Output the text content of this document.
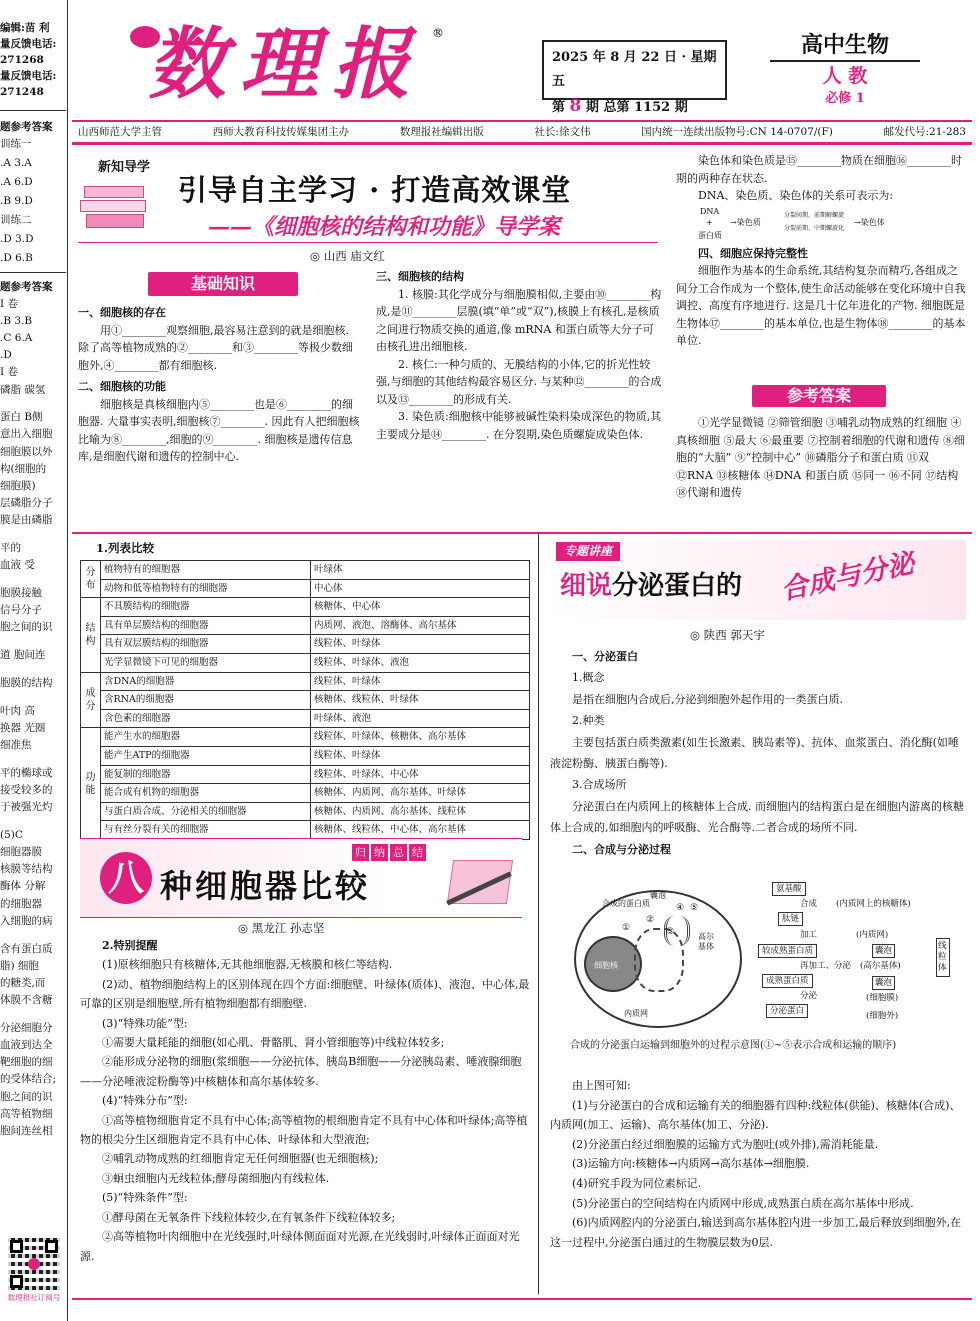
编辑:苗 利
量反馈电话:
271268
量反馈电话:
271248
题参考答案
训练一
.A 3.A
.A 6.D
.B 9.D
训练二
.D 3.D
.D 6.B
题参考答案
I 卷
.B 3.B
.C 6.A
.D
I 卷
磷脂 碳氢
蛋白 B侧
意出入细胞
细胞膜以外
构(细胞的
细胞膜)
层磷脂分子
膜是由磷脂
平的
血液 受
胞膜接触
信号分子
胞之间的识
道 胞间连
胞膜的结构
叶肉 高
换器 光圈
细准焦
平的椭球或
接受较多的
于被强光灼
(5)C
细胞器膜
核膜等结构
酶体 分解
的细胞器
入细胞的病
含有蛋白质
脂) 细胞
的糖类,而
体膜不含糖
分泌细胞分
血液到达全
靶细胞的细
的受体结合;
胞之间的识
高等植物细
胞间连丝相
数理报社订阅号
数理报 ®
2025 年 8 月 22 日 · 星期五
第 8 期 总第 1152 期
高中生物
人 教
必修 1
山西师范大学主管	西师大教育科技传媒集团主办	数理报社编辑出版	社长:徐文伟	国内统一连续出版物号:CN 14-0707/(F)	邮发代号:21-283
新知导学
引导自主学习 · 打造高效课堂
——《细胞核的结构和功能》导学案
◎ 山西 庙文红
基础知识
一、细胞核的存在

用①________观察细胞,最容易注意到的就是细胞核. 除了高等植物成熟的②________和③________等极少数细胞外,④________都有细胞核.

二、细胞核的功能

细胞核是真核细胞内⑤________也是⑥________的细胞器. 大量事实表明,细胞核⑦________. 因此有人把细胞核比喻为⑧________,细胞的⑨________. 细胞核是遗传信息库,是细胞代谢和遗传的控制中心.

三、细胞核的结构

1. 核膜:其化学成分与细胞膜相似,主要由⑩________构成,是⑪________层膜(填“单”或“双”),核膜上有核孔,是核质之间进行物质交换的通道,像 mRNA 和蛋白质等大分子可由核孔进出细胞核.

2. 核仁:一种匀质的、无膜结构的小体,它的折光性较强,与细胞的其他结构最容易区分. 与某种⑫________的合成以及⑬________的形成有关.

3. 染色质:细胞核中能够被碱性染料染成深色的物质,其主要成分是⑭________. 在分裂期,染色质螺旋成染色体.

染色体和染色质是⑮________物质在细胞⑯________时期的两种存在状态.

DNA、染色质、染色体的关系可表示为:

DNA
+
蛋白质
→染色质
分裂间期、前期解螺旋
分裂前期、中期螺旋化
→染色体
四、细胞应保持完整性

细胞作为基本的生命系统,其结构复杂而精巧,各组成之间分工合作成为一个整体,使生命活动能够在变化环境中自我调控、高度有序地进行. 这是几十亿年进化的产物. 细胞既是生物体⑰________的基本单位,也是生物体⑱________的基本单位.

参考答案
①光学显微镜 ②筛管细胞 ③哺乳动物成熟的红细胞 ④真核细胞 ⑤最大 ⑥最重要 ⑦控制着细胞的代谢和遗传 ⑧细胞的“大脑” ⑨“控制中心” ⑩磷脂分子和蛋白质 ⑪双 ⑫RNA ⑬核糖体 ⑭DNA 和蛋白质 ⑮同一 ⑯不同 ⑰结构 ⑱代谢和遗传
1.列表比较
分布	植物特有的细胞器	叶绿体
	动物和低等植物特有的细胞器	中心体
结构	不具膜结构的细胞器	核糖体、中心体
	具有单层膜结构的细胞器	内质网、液泡、溶酶体、高尔基体
	具有双层膜结构的细胞器	线粒体、叶绿体
	光学显微镜下可见的细胞器	线粒体、叶绿体、液泡
成分	含DNA的细胞器	线粒体、叶绿体
	含RNA的细胞器	核糖体、线粒体、叶绿体
	含色素的细胞器	叶绿体、液泡
功能	能产生水的细胞器	线粒体、叶绿体、核糖体、高尔基体
	能产生ATP的细胞器	线粒体、叶绿体
	能复制的细胞器	线粒体、叶绿体、中心体
	能合成有机物的细胞器	核糖体、内质网、高尔基体、叶绿体
	与蛋白质合成、分泌相关的细胞器	核糖体、内质网、高尔基体、线粒体
	与有丝分裂有关的细胞器	核糖体、线粒体、中心体、高尔基体
归 纳 总 结
八 种细胞器比较
◎ 黑龙江 孙志坚
2.特别提醒

(1)原核细胞只有核糖体,无其他细胞器,无核膜和核仁等结构.

(2)动、植物细胞结构上的区别体现在四个方面:细胞壁、叶绿体(质体)、液泡、中心体,最可靠的区别是细胞壁,所有植物细胞都有细胞壁.

(3)“特殊功能”型:

①需要大量耗能的细胞(如心肌、骨骼肌、肾小管细胞等)中线粒体较多;

②能形成分泌物的细胞(浆细胞——分泌抗体、胰岛B细胞——分泌胰岛素、唾液腺细胞——分泌唾液淀粉酶等)中核糖体和高尔基体较多.

(4)“特殊分布”型:

①高等植物细胞肯定不具有中心体;高等植物的根细胞肯定不具有中心体和叶绿体;高等植物的根尖分生区细胞肯定不具有中心体、叶绿体和大型液泡;

②哺乳动物成熟的红细胞肯定无任何细胞器(也无细胞核);

③蛔虫细胞内无线粒体;酵母菌细胞内有线粒体.

(5)“特殊条件”型:

①酵母菌在无氧条件下线粒体较少,在有氧条件下线粒体较多;

②高等植物叶肉细胞中在光线强时,叶绿体侧面面对光源,在光线弱时,叶绿体正面面对光源.

专题讲座
细说分泌蛋白的 合成与分泌
◎ 陕西 郭天宇
一、分泌蛋白
1.概念

是指在细胞内合成后,分泌到细胞外起作用的一类蛋白质.

2.种类

主要包括蛋白质类激素(如生长激素、胰岛素等)、抗体、血浆蛋白、消化酶(如唾液淀粉酶、胰蛋白酶等).

3.合成场所

分泌蛋白在内质网上的核糖体上合成. 而细胞内的结构蛋白是在细胞内游离的核糖体上合成的,如细胞内的呼吸酶、光合酶等.二者合成的场所不同.

二、合成与分泌过程
合成的蛋白质
囊泡
高尔基体
细胞核
内质网
①
②
③
④ ⑤
氨基酸
肽链
较成熟蛋白质
成熟蛋白质
分泌蛋白
合成
加工
再加工、分泌
分泌
(内质网上的核糖体)
(内质网)
囊泡
(高尔基体)
囊泡
(细胞膜)
(细胞外)
线粒体
合成的分泌蛋白运输到细胞外的过程示意图(①~⑤表示合成和运输的顺序)
由上图可知:

(1)与分泌蛋白的合成和运输有关的细胞器有四种:线粒体(供能)、核糖体(合成)、内质网(加工、运输)、高尔基体(加工、分泌).

(2)分泌蛋白经过细胞膜的运输方式为胞吐(或外排),需消耗能量.

(3)运输方向:核糖体→内质网→高尔基体→细胞膜.

(4)研究手段为同位素标记.

(5)分泌蛋白的空间结构在内质网中形成,成熟蛋白质在高尔基体中形成.

(6)内质网腔内的分泌蛋白,输送到高尔基体腔内进一步加工,最后释放到细胞外,在这一过程中,分泌蛋白通过的生物膜层数为0层.
